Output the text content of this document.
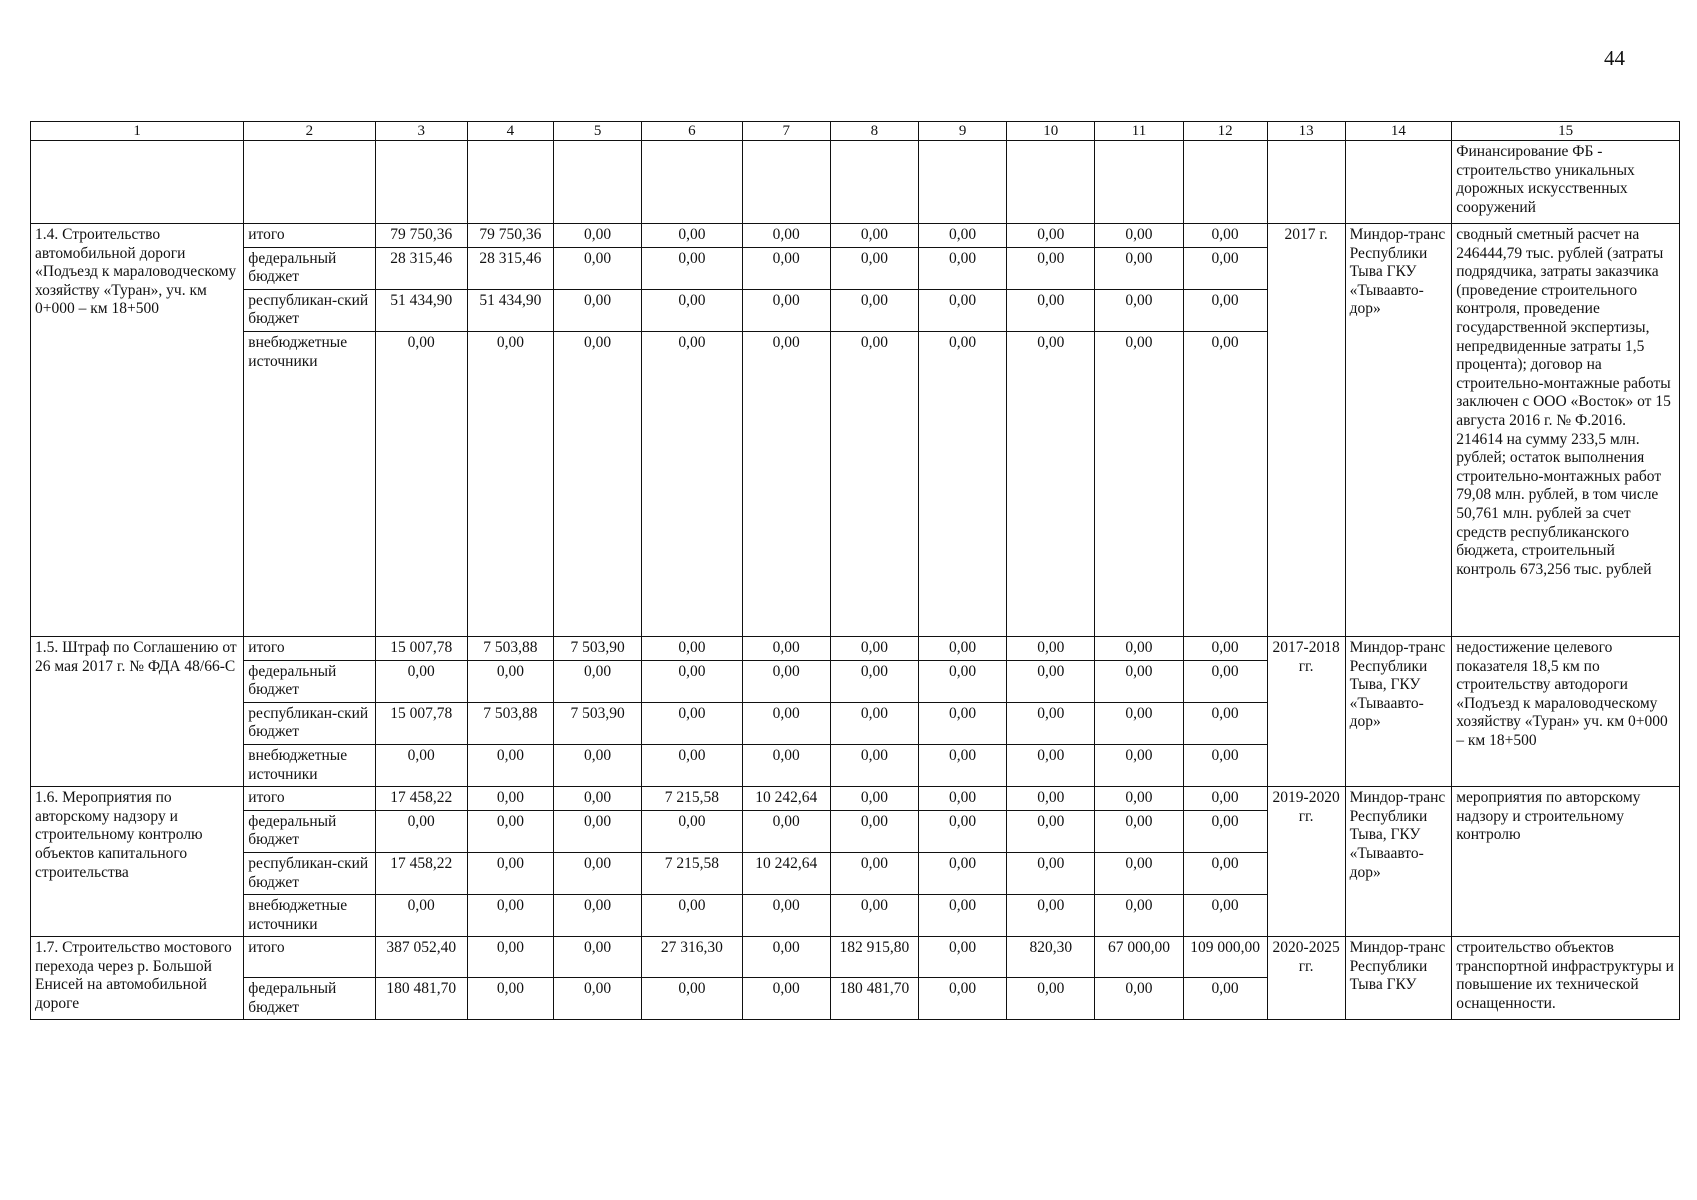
44
1	2	3	4	5	6	7	8	9	10	11	12	13	14	15
														Финансирование ФБ - строительство уникальных дорожных искусственных сооружений
1.4. Строительство автомобильной дороги «Подъезд к мараловодческому хозяйству «Туран», уч. км 0+000 – км 18+500	итого	79 750,36	79 750,36	0,00	0,00	0,00	0,00	0,00	0,00	0,00	0,00	2017 г.	Миндор-транс Республики Тыва ГКУ «Тываавто-дор»	сводный сметный расчет на 246444,79 тыс. рублей (затраты подрядчика, затраты заказчика (проведение строительного контроля, проведение государственной экспертизы, непредвиденные затраты 1,5 процента); договор на строительно-монтажные работы заключен с ООО «Восток» от 15 августа 2016 г. № Ф.2016. 214614 на сумму 233,5 млн. рублей; остаток выполнения строительно-монтажных работ 79,08 млн. рублей, в том числе 50,761 млн. рублей за счет средств республиканского бюджета, строительный контроль 673,256 тыс. рублей
	федеральный бюджет	28 315,46	28 315,46	0,00	0,00	0,00	0,00	0,00	0,00	0,00	0,00			
	республикан-ский бюджет	51 434,90	51 434,90	0,00	0,00	0,00	0,00	0,00	0,00	0,00	0,00			
	внебюджетные источники	0,00	0,00	0,00	0,00	0,00	0,00	0,00	0,00	0,00	0,00			
1.5. Штраф по Соглашению от 26 мая 2017 г. № ФДА 48/66-С	итого	15 007,78	7 503,88	7 503,90	0,00	0,00	0,00	0,00	0,00	0,00	0,00	2017-2018 гг.	Миндор-транс Республики Тыва, ГКУ «Тываавто-дор»	недостижение целевого показателя 18,5 км по строительству автодороги «Подъезд к мараловодческому хозяйству «Туран» уч. км 0+000 – км 18+500
	федеральный бюджет	0,00	0,00	0,00	0,00	0,00	0,00	0,00	0,00	0,00	0,00			
	республикан-ский бюджет	15 007,78	7 503,88	7 503,90	0,00	0,00	0,00	0,00	0,00	0,00	0,00			
	внебюджетные источники	0,00	0,00	0,00	0,00	0,00	0,00	0,00	0,00	0,00	0,00			
1.6. Мероприятия по авторскому надзору и строительному контролю объектов капитального строительства	итого	17 458,22	0,00	0,00	7 215,58	10 242,64	0,00	0,00	0,00	0,00	0,00	2019-2020 гг.	Миндор-транс Республики Тыва, ГКУ «Тываавто-дор»	мероприятия по авторскому надзору и строительному контролю
	федеральный бюджет	0,00	0,00	0,00	0,00	0,00	0,00	0,00	0,00	0,00	0,00			
	республикан-ский бюджет	17 458,22	0,00	0,00	7 215,58	10 242,64	0,00	0,00	0,00	0,00	0,00			
	внебюджетные источники	0,00	0,00	0,00	0,00	0,00	0,00	0,00	0,00	0,00	0,00			
1.7. Строительство мостового перехода через р. Большой Енисей на автомобильной дороге	итого	387 052,40	0,00	0,00	27 316,30	0,00	182 915,80	0,00	820,30	67 000,00	109 000,00	2020-2025 гг.	Миндор-транс Республики Тыва ГКУ	строительство объектов транспортной инфраструктуры и повышение их технической оснащенности.
	федеральный бюджет	180 481,70	0,00	0,00	0,00	0,00	180 481,70	0,00	0,00	0,00	0,00			
